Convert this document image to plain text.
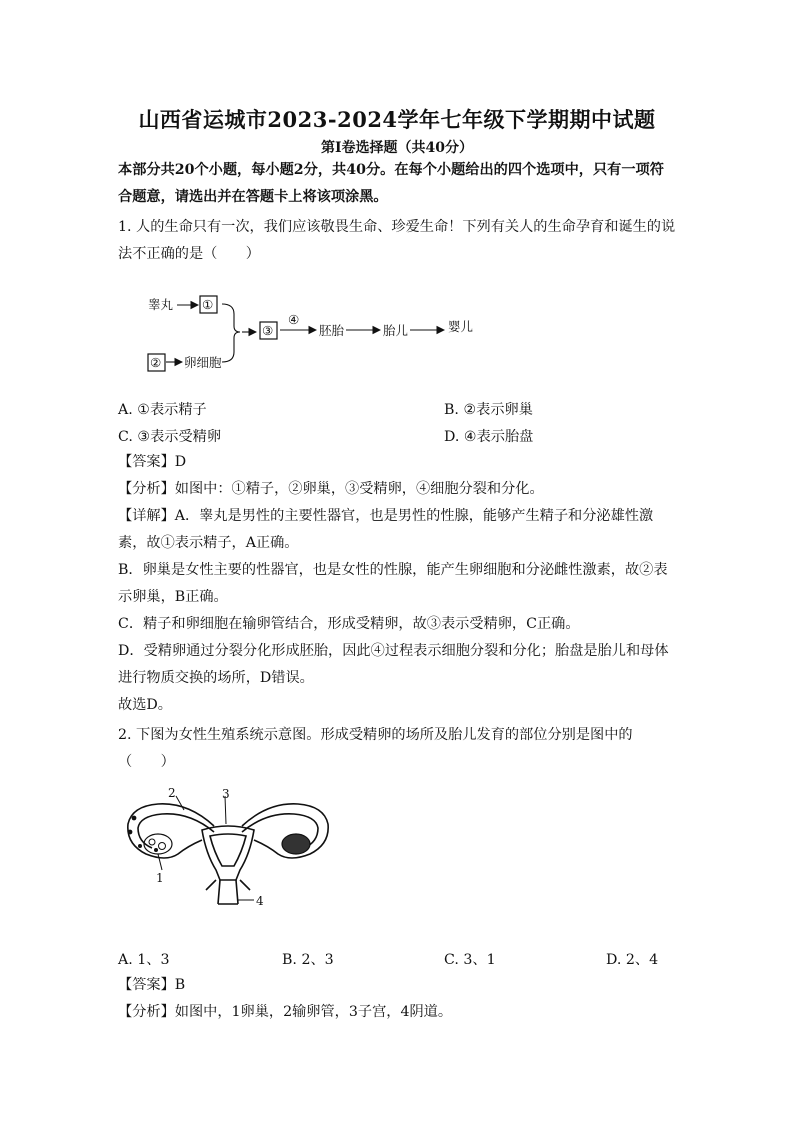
山西省运城市2023-2024学年七年级下学期期中试题
第Ⅰ卷选择题（共40分）
本部分共20个小题，每小题2分，共40分。在每个小题给出的四个选项中，只有一项符
合题意，请选出并在答题卡上将该项涂黑。
1. 人的生命只有一次，我们应该敬畏生命、珍爱生命！下列有关人的生命孕育和诞生的说
法不正确的是（　　）
睾丸 ①
② 卵细胞
③
④
胚胎	胎儿	婴儿
A. ①表示精子	B. ②表示卵巢
C. ③表示受精卵	D. ④表示胎盘
【答案】D
【分析】如图中：①精子，②卵巢，③受精卵，④细胞分裂和分化。
【详解】A．睾丸是男性的主要性器官，也是男性的性腺，能够产生精子和分泌雄性激
素，故①表示精子，A正确。
B．卵巢是女性主要的性器官，也是女性的性腺，能产生卵细胞和分泌雌性激素，故②表
示卵巢，B正确。
C．精子和卵细胞在输卵管结合，形成受精卵，故③表示受精卵，C正确。
D．受精卵通过分裂分化形成胚胎，因此④过程表示细胞分裂和分化；胎盘是胎儿和母体
进行物质交换的场所，D错误。
故选D。
2. 下图为女性生殖系统示意图。形成受精卵的场所及胎儿发育的部位分别是图中的
（　　）
2	3
1
4
A. 1、3	B. 2、3	C. 3、1	D. 2、4
【答案】B
【分析】如图中，1卵巢，2输卵管，3子宫，4阴道。
